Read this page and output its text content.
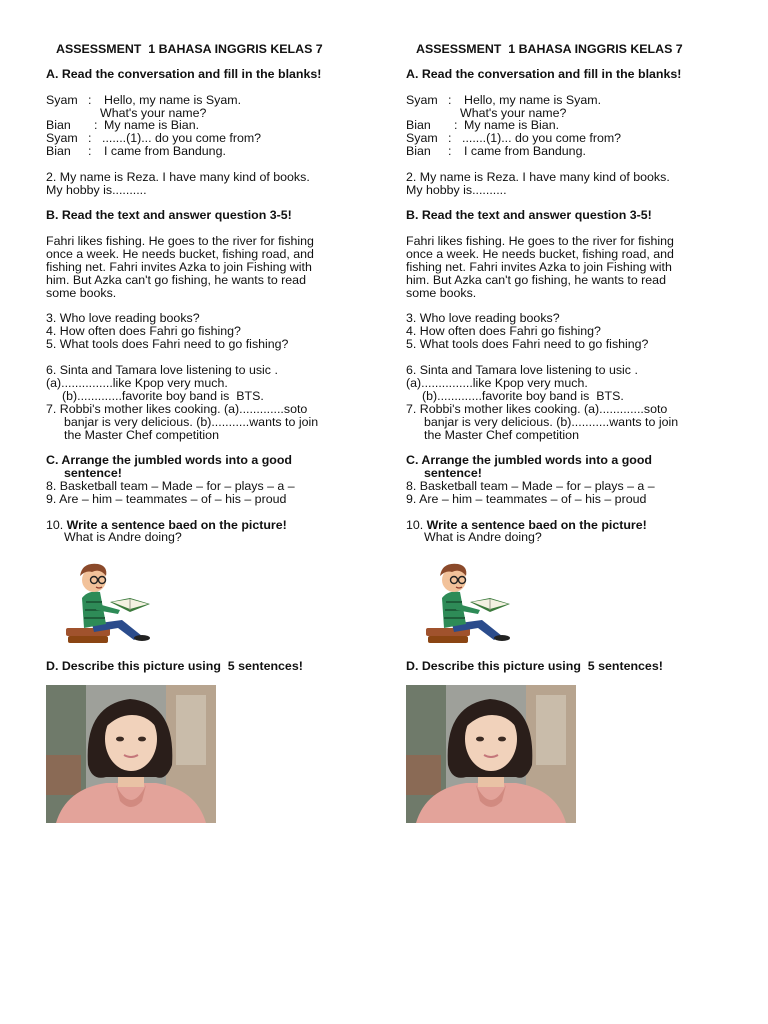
ASSESSMENT  1 BAHASA INGGRIS KELAS 7
A. Read the conversation and fill in the blanks!
Syam : Hello, my name is Syam.
What's your name?
Bian : My name is Bian.
Syam : .......(1)... do you come from?
Bian : I came from Bandung.
2. My name is Reza. I have many kind of books.
My hobby is..........
B. Read the text and answer question 3-5!
Fahri likes fishing. He goes to the river for fishing
once a week. He needs bucket, fishing road, and
fishing net. Fahri invites Azka to join Fishing with
him. But Azka can't go fishing, he wants to read
some books.
3. Who love reading books?
4. How often does Fahri go fishing?
5. What tools does Fahri need to go fishing?
6. Sinta and Tamara love listening to usic .
(a)...............like Kpop very much.
(b).............favorite boy band is  BTS.
7. Robbi's mother likes cooking. (a).............soto
banjar is very delicious. (b)...........wants to join
the Master Chef competition
C. Arrange the jumbled words into a good
sentence!
8. Basketball team – Made – for – plays – a –
9. Are – him – teammates – of – his – proud
10. Write a sentence baed on the picture!
What is Andre doing?
D. Describe this picture using  5 sentences!
ASSESSMENT  1 BAHASA INGGRIS KELAS 7
A. Read the conversation and fill in the blanks!
Syam : Hello, my name is Syam.
What's your name?
Bian : My name is Bian.
Syam : .......(1)... do you come from?
Bian : I came from Bandung.
2. My name is Reza. I have many kind of books.
My hobby is..........
B. Read the text and answer question 3-5!
Fahri likes fishing. He goes to the river for fishing
once a week. He needs bucket, fishing road, and
fishing net. Fahri invites Azka to join Fishing with
him. But Azka can't go fishing, he wants to read
some books.
3. Who love reading books?
4. How often does Fahri go fishing?
5. What tools does Fahri need to go fishing?
6. Sinta and Tamara love listening to usic .
(a)...............like Kpop very much.
(b).............favorite boy band is  BTS.
7. Robbi's mother likes cooking. (a).............soto
banjar is very delicious. (b)...........wants to join
the Master Chef competition
C. Arrange the jumbled words into a good
sentence!
8. Basketball team – Made – for – plays – a –
9. Are – him – teammates – of – his – proud
10. Write a sentence baed on the picture!
What is Andre doing?
D. Describe this picture using  5 sentences!
